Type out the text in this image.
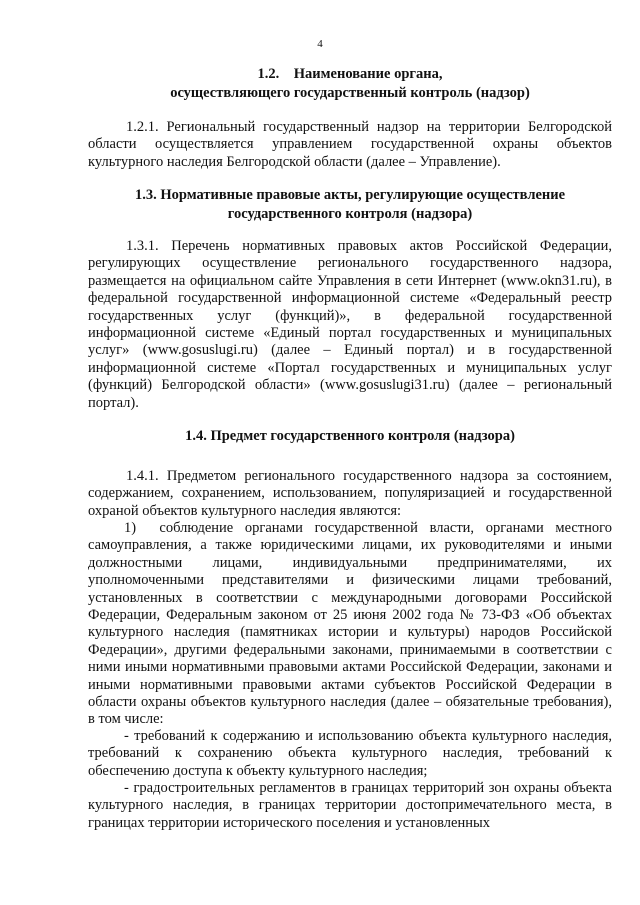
4
1.2.    Наименование органа,
осуществляющего государственный контроль (надзор)

1.2.1. Региональный государственный надзор на территории Белгородской области осуществляется управлением государственной охраны объектов культурного наследия Белгородской области (далее – Управление).

1.3. Нормативные правовые акты, регулирующие осуществление
государственного контроля (надзора)

1.3.1. Перечень нормативных правовых актов Российской Федерации, регулирующих осуществление регионального государственного надзора, размещается на официальном сайте Управления в сети Интернет (www.okn31.ru), в федеральной государственной информационной системе «Федеральный реестр государственных услуг (функций)», в федеральной государственной информационной системе «Единый портал государственных и муниципальных услуг» (www.gosuslugi.ru) (далее – Единый портал) и в государственной информационной системе «Портал государственных и муниципальных услуг (функций) Белгородской области» (www.gosuslugi31.ru) (далее – региональный портал).

1.4. Предмет государственного контроля (надзора)

1.4.1. Предметом регионального государственного надзора за состоянием, содержанием, сохранением, использованием, популяризацией и государственной охраной объектов культурного наследия являются:

1)  соблюдение органами государственной власти, органами местного самоуправления, а также юридическими лицами, их руководителями и иными должностными лицами, индивидуальными предпринимателями, их уполномоченными представителями и физическими лицами требований, установленных в соответствии с международными договорами Российской Федерации, Федеральным законом от 25 июня 2002 года № 73-ФЗ «Об объектах культурного наследия (памятниках истории и культуры) народов Российской Федерации», другими федеральными законами, принимаемыми в соответствии с ними иными нормативными правовыми актами Российской Федерации, законами и иными нормативными правовыми актами субъектов Российской Федерации в области охраны объектов культурного наследия (далее – обязательные требования), в том числе:

- требований к содержанию и использованию объекта культурного наследия, требований к сохранению объекта культурного наследия, требований к обеспечению доступа к объекту культурного наследия;

- градостроительных регламентов в границах территорий зон охраны объекта культурного наследия, в границах территории достопримечательного места, в границах территории исторического поселения и установленных
